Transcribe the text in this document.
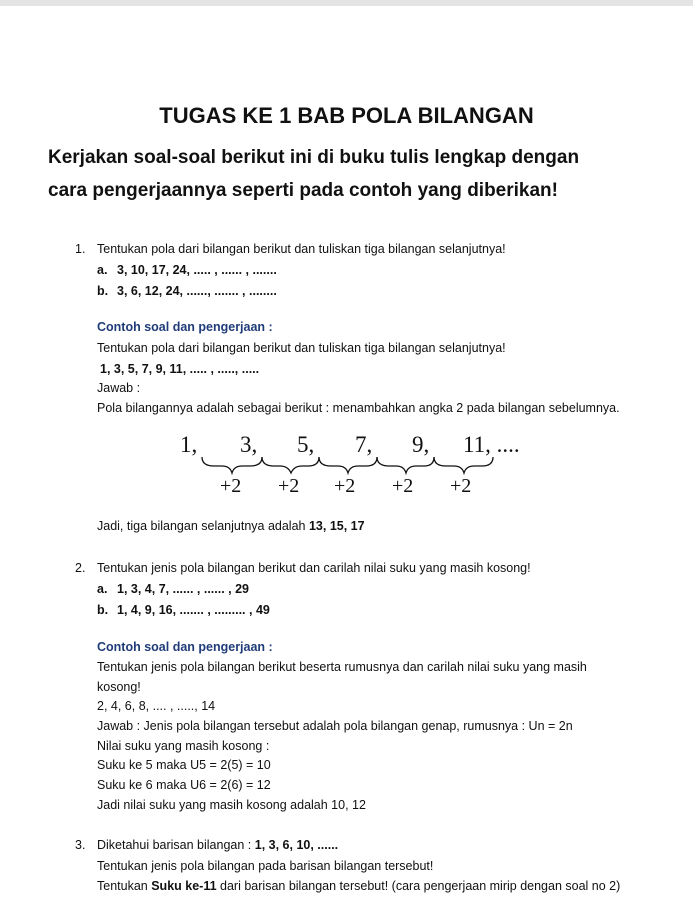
TUGAS KE 1 BAB POLA BILANGAN
Kerjakan soal-soal berikut ini di buku tulis lengkap dengan
cara pengerjaannya seperti pada contoh yang diberikan!
1. Tentukan pola dari bilangan berikut dan tuliskan tiga bilangan selanjutnya!
a. 3, 10, 17, 24, ..... , ...... , .......
b. 3, 6, 12, 24, ......, ....... , ........
Contoh soal dan pengerjaan :
Tentukan pola dari bilangan berikut dan tuliskan tiga bilangan selanjutnya!
1, 3, 5, 7, 9, 11, ..... , ....., .....
Jawab :
Pola bilangannya adalah sebagai berikut : menambahkan angka 2 pada bilangan sebelumnya.
1, 3, 5, 7, 9, 11, ....
+2 +2 +2 +2 +2
Jadi, tiga bilangan selanjutnya adalah 13, 15, 17
2. Tentukan jenis pola bilangan berikut dan carilah nilai suku yang masih kosong!
a. 1, 3, 4, 7, ...... , ...... , 29
b. 1, 4, 9, 16, ....... , ......... , 49
Contoh soal dan pengerjaan :
Tentukan jenis pola bilangan berikut beserta rumusnya dan carilah nilai suku yang masih
kosong!
2, 4, 6, 8, .... , ....., 14
Jawab : Jenis pola bilangan tersebut adalah pola bilangan genap, rumusnya : Un = 2n
Nilai suku yang masih kosong :
Suku ke 5 maka U5 = 2(5) = 10
Suku ke 6 maka U6 = 2(6) = 12
Jadi nilai suku yang masih kosong adalah 10, 12
3. Diketahui barisan bilangan : 1, 3, 6, 10, ......
Tentukan jenis pola bilangan pada barisan bilangan tersebut!
Tentukan Suku ke-11 dari barisan bilangan tersebut! (cara pengerjaan mirip dengan soal no 2)
